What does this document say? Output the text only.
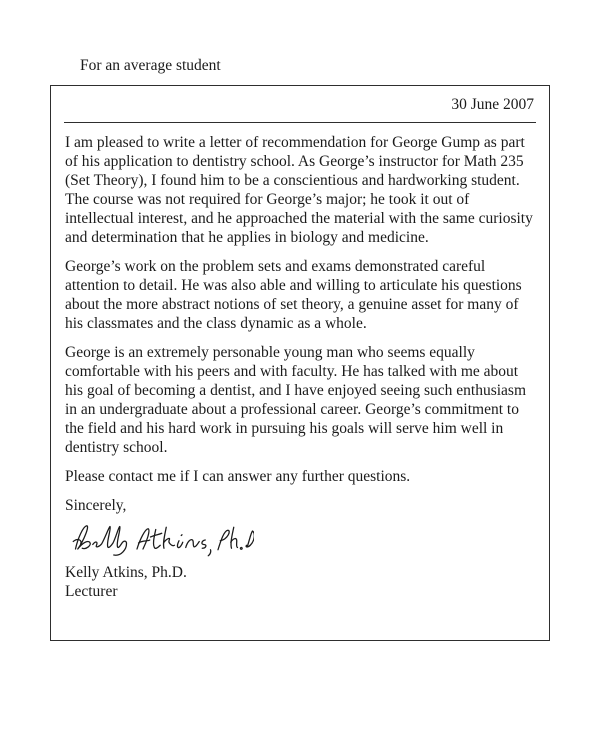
For an average student
30 June 2007

I am pleased to write a letter of recommendation for George Gump as part of his application to dentistry school. As George’s instructor for Math 235 (Set Theory), I found him to be a conscientious and hardworking student. The course was not required for George’s major; he took it out of intellectual interest, and he approached the material with the same curiosity and determination that he applies in biology and medicine.

George’s work on the problem sets and exams demonstrated careful attention to detail. He was also able and willing to articulate his questions about the more abstract notions of set theory, a genuine asset for many of his classmates and the class dynamic as a whole.

George is an extremely personable young man who seems equally comfortable with his peers and with faculty. He has talked with me about his goal of becoming a dentist, and I have enjoyed seeing such enthusiasm in an undergraduate about a professional career. George’s commitment to the field and his hard work in pursuing his goals will serve him well in dentistry school.

Please contact me if I can answer any further questions.

Sincerely,

Kelly Atkins, Ph.D.
Lecturer
